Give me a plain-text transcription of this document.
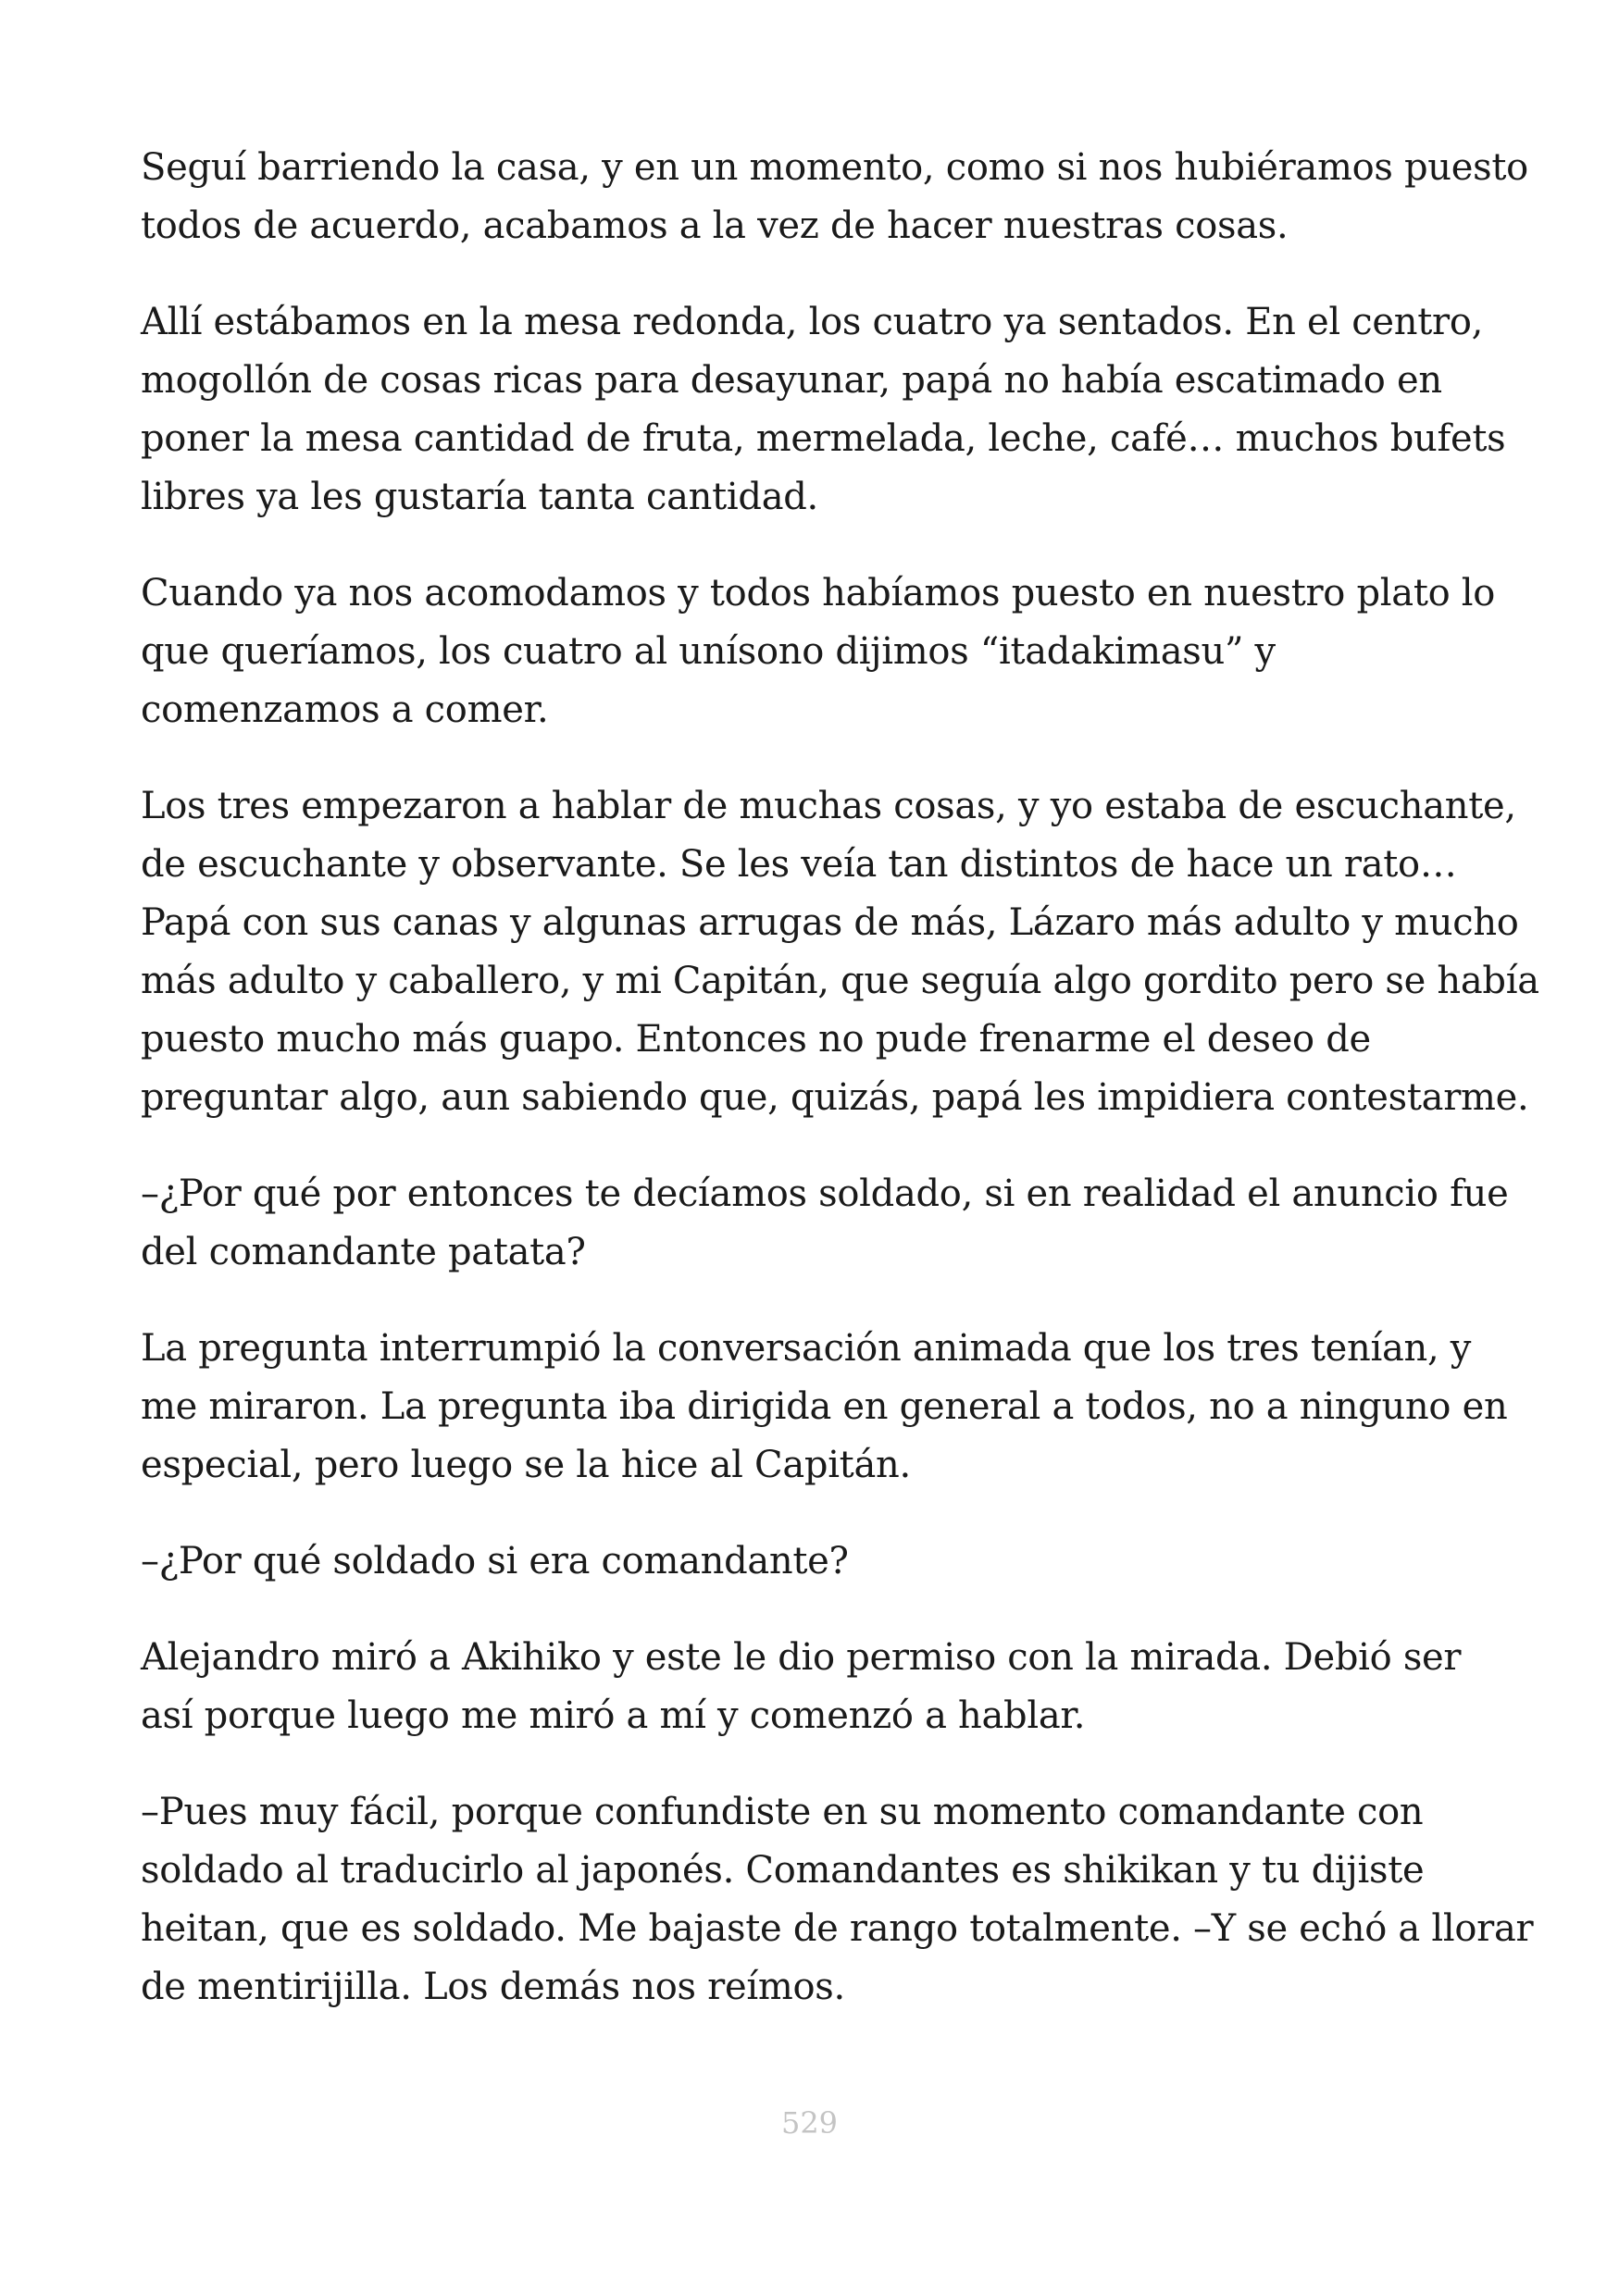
Seguí barriendo la casa, y en un momento, como si nos hubiéramos puesto
todos de acuerdo, acabamos a la vez de hacer nuestras cosas.

Allí estábamos en la mesa redonda, los cuatro ya sentados. En el centro,
mogollón de cosas ricas para desayunar, papá no había escatimado en
poner la mesa cantidad de fruta, mermelada, leche, café… muchos bufets
libres ya les gustaría tanta cantidad.

Cuando ya nos acomodamos y todos habíamos puesto en nuestro plato lo
que queríamos, los cuatro al unísono dijimos “itadakimasu” y
comenzamos a comer.

Los tres empezaron a hablar de muchas cosas, y yo estaba de escuchante,
de escuchante y observante. Se les veía tan distintos de hace un rato…
Papá con sus canas y algunas arrugas de más, Lázaro más adulto y mucho
más adulto y caballero, y mi Capitán, que seguía algo gordito pero se había
puesto mucho más guapo. Entonces no pude frenarme el deseo de
preguntar algo, aun sabiendo que, quizás, papá les impidiera contestarme.

–¿Por qué por entonces te decíamos soldado, si en realidad el anuncio fue
del comandante patata?

La pregunta interrumpió la conversación animada que los tres tenían, y
me miraron. La pregunta iba dirigida en general a todos, no a ninguno en
especial, pero luego se la hice al Capitán.

–¿Por qué soldado si era comandante?

Alejandro miró a Akihiko y este le dio permiso con la mirada. Debió ser
así porque luego me miró a mí y comenzó a hablar.

–Pues muy fácil, porque confundiste en su momento comandante con
soldado al traducirlo al japonés. Comandantes es shikikan y tu dijiste
heitan, que es soldado. Me bajaste de rango totalmente. –Y se echó a llorar
de mentirijilla. Los demás nos reímos.

529
